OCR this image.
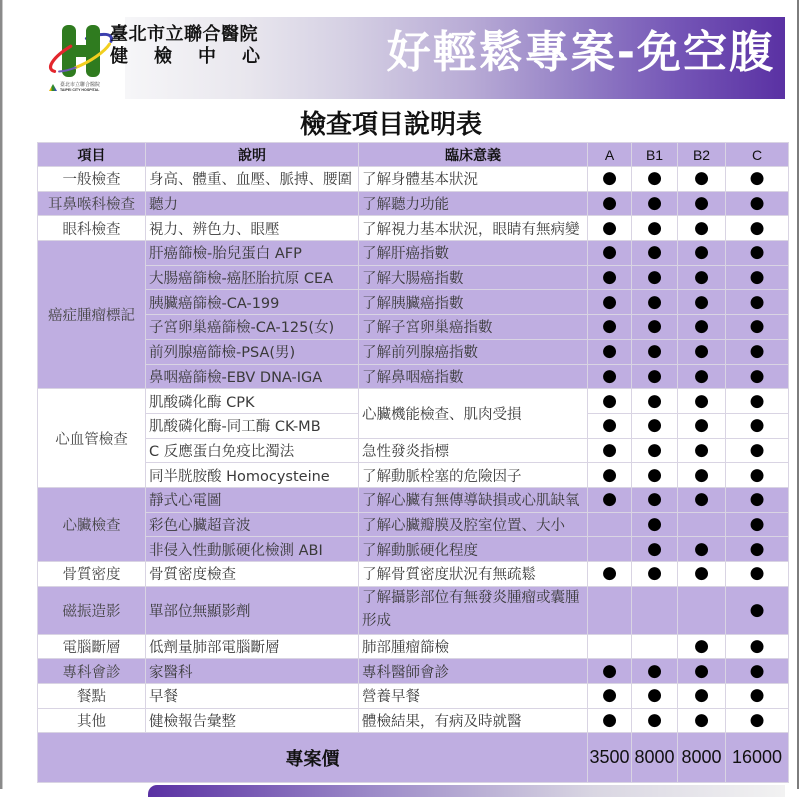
好輕鬆專案-免空腹
臺北市立聯合醫院
健 檢 中 心
臺北市立聯合醫院
TAIPEI CITY HOSPITAL
檢查項目說明表
項目	說明	臨床意義	A	B1	B2	C
一般檢查	身高、體重、血壓、脈搏、腰圍	了解身體基本狀況	●	●	●	●
耳鼻喉科檢查	聽力	了解聽力功能	●	●	●	●
眼科檢查	視力、辨色力、眼壓	了解視力基本狀況，眼睛有無病變	●	●	●	●
癌症腫瘤標記	肝癌篩檢-胎兒蛋白 AFP	了解肝癌指數	●	●	●	●
	大腸癌篩檢-癌胚胎抗原 CEA	了解大腸癌指數	●	●	●	●
	胰臟癌篩檢-CA-199	了解胰臟癌指數	●	●	●	●
	子宮卵巢癌篩檢-CA-125(女)	了解子宮卵巢癌指數	●	●	●	●
	前列腺癌篩檢-PSA(男)	了解前列腺癌指數	●	●	●	●
	鼻咽癌篩檢-EBV DNA-IGA	了解鼻咽癌指數	●	●	●	●
心血管檢查	肌酸磷化酶 CPK	心臟機能檢查、肌肉受損	●	●	●	●
	肌酸磷化酶-同工酶 CK-MB		●	●	●	●
	C 反應蛋白免疫比濁法	急性發炎指標	●	●	●	●
	同半胱胺酸 Homocysteine	了解動脈栓塞的危險因子	●	●	●	●
心臟檢查	靜式心電圖	了解心臟有無傳導缺損或心肌缺氧	●	●	●	●
	彩色心臟超音波	了解心臟瓣膜及腔室位置、大小		●		●
	非侵入性動脈硬化檢測 ABI	了解動脈硬化程度		●	●	●
骨質密度	骨質密度檢查	了解骨質密度狀況有無疏鬆	●	●	●	●
磁振造影	單部位無顯影劑	了解攝影部位有無發炎腫瘤或囊腫形成				●
電腦斷層	低劑量肺部電腦斷層	肺部腫瘤篩檢			●	●
專科會診	家醫科	專科醫師會診	●	●	●	●
餐點	早餐	營養早餐	●	●	●	●
其他	健檢報告彙整	體檢結果，有病及時就醫	●	●	●	●
專案價			3500	8000	8000	16000
